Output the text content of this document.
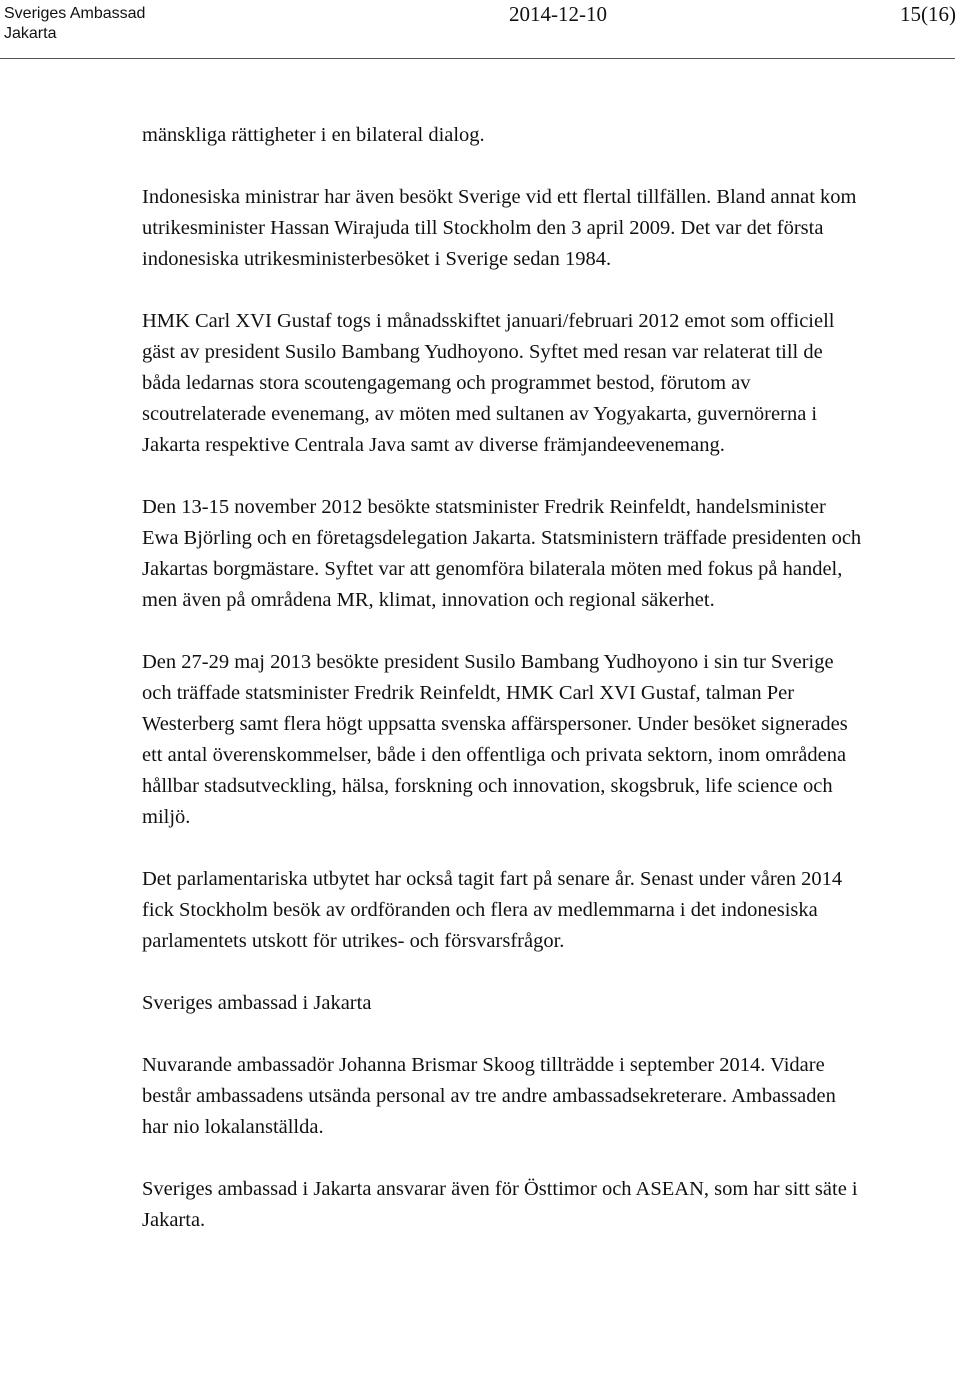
Sveriges Ambassad
Jakarta
2014-12-10	15(16)

mänskliga rättigheter i en bilateral dialog.

Indonesiska ministrar har även besökt Sverige vid ett flertal tillfällen. Bland annat kom utrikesminister Hassan Wirajuda till Stockholm den 3 april 2009. Det var det första indonesiska utrikesministerbesöket i Sverige sedan 1984.

HMK Carl XVI Gustaf togs i månadsskiftet januari/februari 2012 emot som officiell gäst av president Susilo Bambang Yudhoyono. Syftet med resan var relaterat till de båda ledarnas stora scoutengagemang och programmet bestod, förutom av scoutrelaterade evenemang, av möten med sultanen av Yogyakarta, guvernörerna i Jakarta respektive Centrala Java samt av diverse främjandeevenemang.

Den 13-15 november 2012 besökte statsminister Fredrik Reinfeldt, handelsminister Ewa Björling och en företagsdelegation Jakarta. Statsministern träffade presidenten och Jakartas borgmästare. Syftet var att genomföra bilaterala möten med fokus på handel, men även på områdena MR, klimat, innovation och regional säkerhet.

Den 27-29 maj 2013 besökte president Susilo Bambang Yudhoyono i sin tur Sverige och träffade statsminister Fredrik Reinfeldt, HMK Carl XVI Gustaf, talman Per Westerberg samt flera högt uppsatta svenska affärspersoner. Under besöket signerades ett antal överenskommelser, både i den offentliga och privata sektorn, inom områdena hållbar stadsutveckling, hälsa, forskning och innovation, skogsbruk, life science och miljö.

Det parlamentariska utbytet har också tagit fart på senare år. Senast under våren 2014 fick Stockholm besök av ordföranden och flera av medlemmarna i det indonesiska parlamentets utskott för utrikes- och försvarsfrågor.

Sveriges ambassad i Jakarta

Nuvarande ambassadör Johanna Brismar Skoog tillträdde i september 2014. Vidare består ambassadens utsända personal av tre andre ambassadsekreterare. Ambassaden har nio lokalanställda.

Sveriges ambassad i Jakarta ansvarar även för Östtimor och ASEAN, som har sitt säte i Jakarta.
